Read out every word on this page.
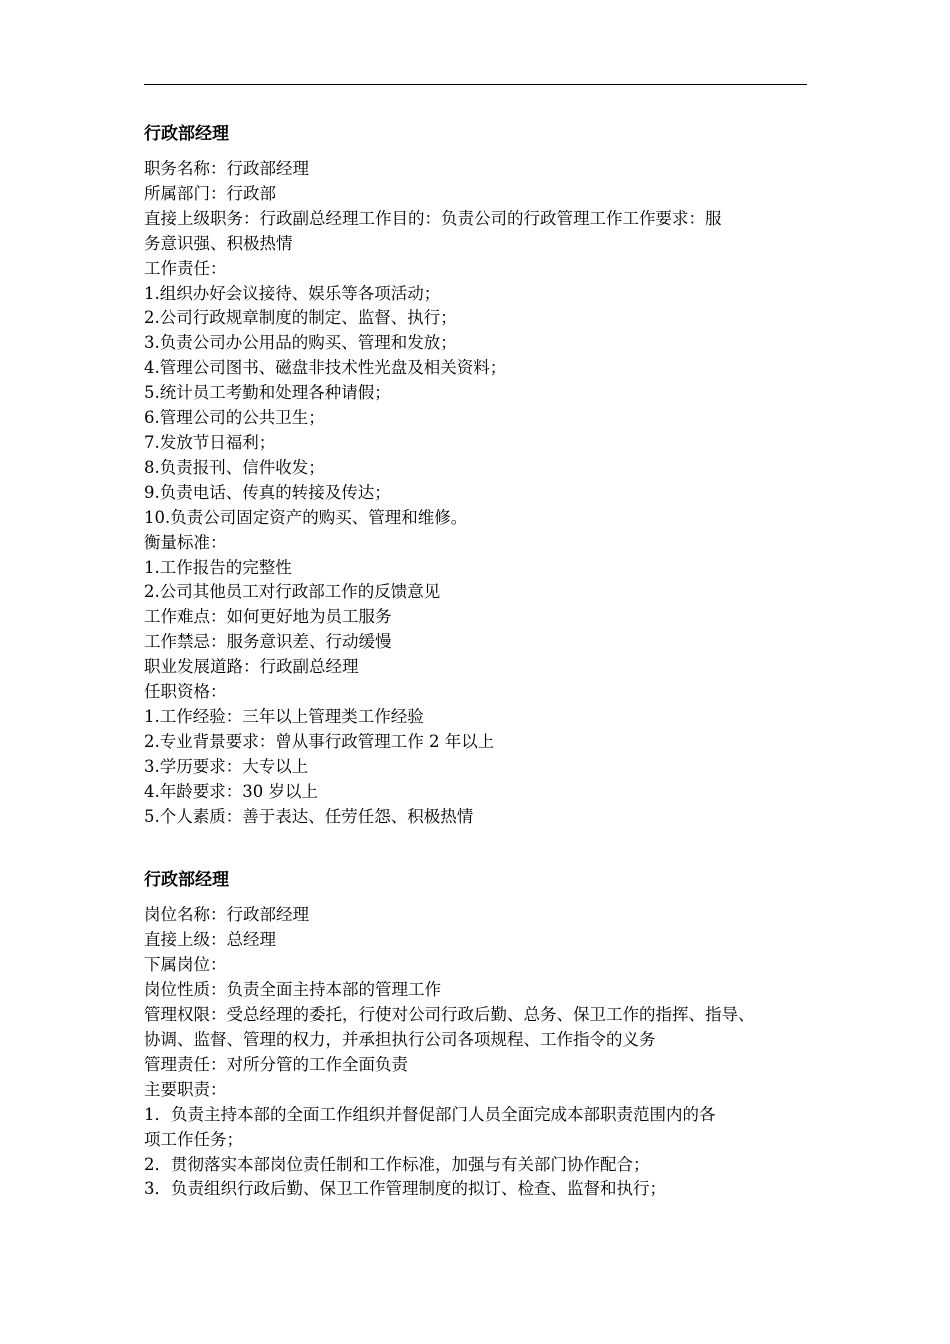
行政部经理
职务名称：行政部经理
所属部门：行政部
直接上级职务：行政副总经理工作目的：负责公司的行政管理工作工作要求：服
务意识强、积极热情
工作责任：
1.组织办好会议接待、娱乐等各项活动；
2.公司行政规章制度的制定、监督、执行；
3.负责公司办公用品的购买、管理和发放；
4.管理公司图书、磁盘非技术性光盘及相关资料；
5.统计员工考勤和处理各种请假；
6.管理公司的公共卫生；
7.发放节日福利；
8.负责报刊、信件收发；
9.负责电话、传真的转接及传达；
10.负责公司固定资产的购买、管理和维修。
衡量标准：
1.工作报告的完整性
2.公司其他员工对行政部工作的反馈意见
工作难点：如何更好地为员工服务
工作禁忌：服务意识差、行动缓慢
职业发展道路：行政副总经理
任职资格：
1.工作经验：三年以上管理类工作经验
2.专业背景要求：曾从事行政管理工作 2 年以上
3.学历要求：大专以上
4.年龄要求：30 岁以上
5.个人素质：善于表达、任劳任怨、积极热情
行政部经理
岗位名称：行政部经理
直接上级：总经理
下属岗位：
岗位性质：负责全面主持本部的管理工作
管理权限：受总经理的委托，行使对公司行政后勤、总务、保卫工作的指挥、指导、
协调、监督、管理的权力，并承担执行公司各项规程、工作指令的义务
管理责任：对所分管的工作全面负责
主要职责：
1．负责主持本部的全面工作组织并督促部门人员全面完成本部职责范围内的各
项工作任务；
2．贯彻落实本部岗位责任制和工作标准，加强与有关部门协作配合；
3．负责组织行政后勤、保卫工作管理制度的拟订、检查、监督和执行；
